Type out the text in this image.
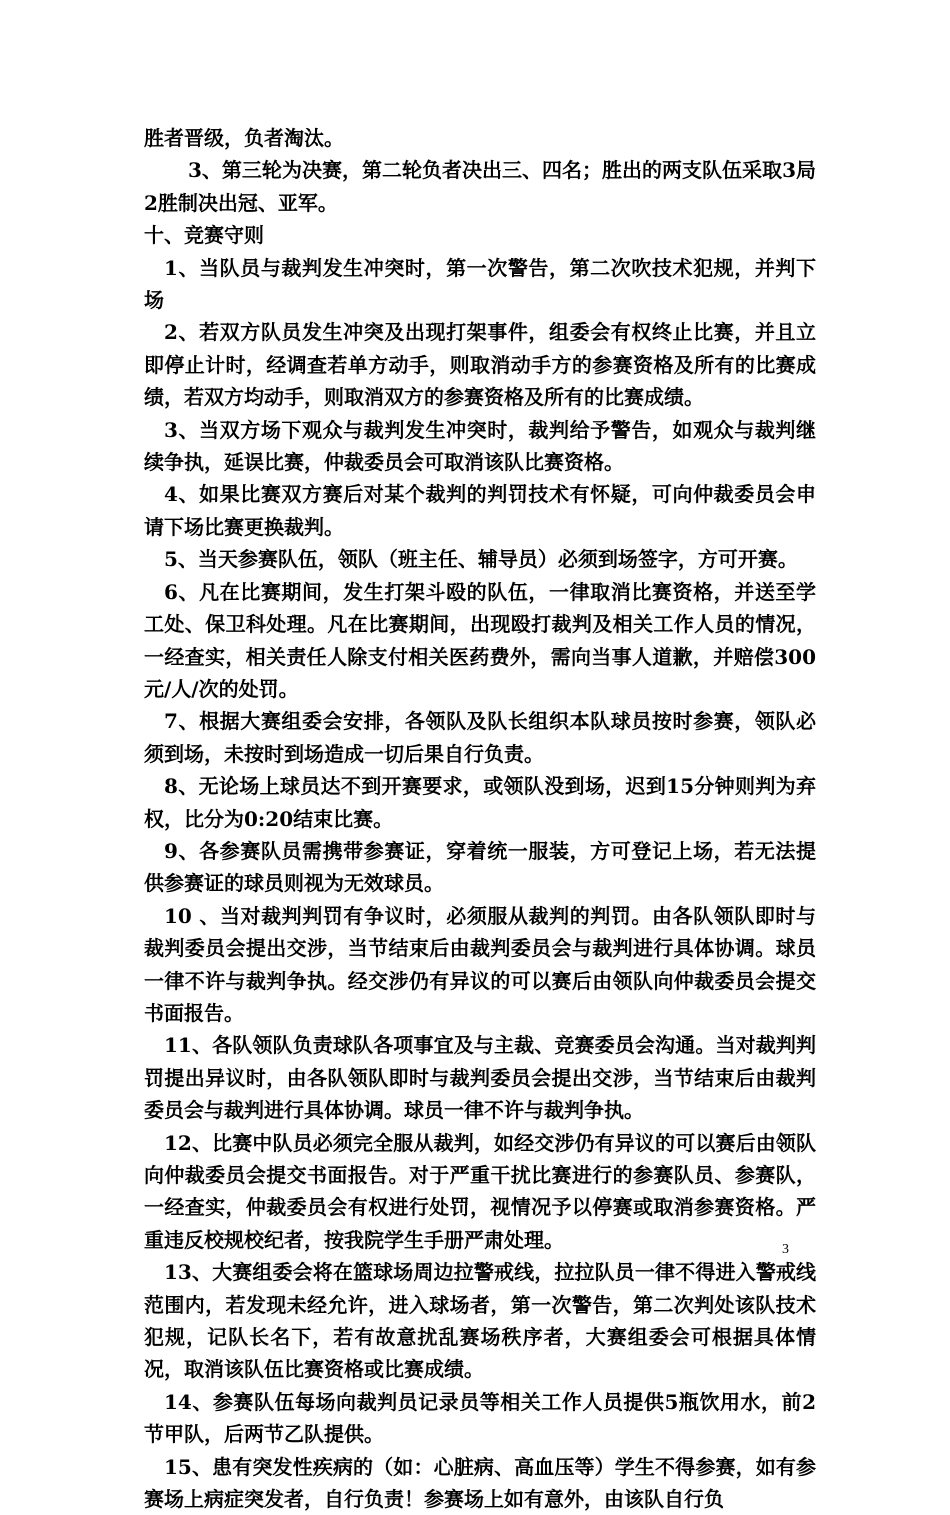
胜者晋级，负者淘汰。

3、第三轮为决赛，第二轮负者决出三、四名；胜出的两支队伍采取3局2胜制决出冠、亚军。

十、竞赛守则

1、当队员与裁判发生冲突时，第一次警告，第二次吹技术犯规，并判下场

2、若双方队员发生冲突及出现打架事件，组委会有权终止比赛，并且立即停止计时，经调查若单方动手，则取消动手方的参赛资格及所有的比赛成绩，若双方均动手，则取消双方的参赛资格及所有的比赛成绩。

3、当双方场下观众与裁判发生冲突时，裁判给予警告，如观众与裁判继续争执，延误比赛，仲裁委员会可取消该队比赛资格。

4、如果比赛双方赛后对某个裁判的判罚技术有怀疑，可向仲裁委员会申请下场比赛更换裁判。

5、当天参赛队伍，领队（班主任、辅导员）必须到场签字，方可开赛。

6、凡在比赛期间，发生打架斗殴的队伍，一律取消比赛资格，并送至学工处、保卫科处理。凡在比赛期间，出现殴打裁判及相关工作人员的情况，一经查实，相关责任人除支付相关医药费外，需向当事人道歉，并赔偿300元/人/次的处罚。

7、根据大赛组委会安排，各领队及队长组织本队球员按时参赛，领队必须到场，未按时到场造成一切后果自行负责。

8、无论场上球员达不到开赛要求，或领队没到场，迟到15分钟则判为弃权，比分为0:20结束比赛。

9、各参赛队员需携带参赛证，穿着统一服装，方可登记上场，若无法提供参赛证的球员则视为无效球员。

10 、当对裁判判罚有争议时，必须服从裁判的判罚。由各队领队即时与裁判委员会提出交涉，当节结束后由裁判委员会与裁判进行具体协调。球员一律不许与裁判争执。经交涉仍有异议的可以赛后由领队向仲裁委员会提交书面报告。

11、各队领队负责球队各项事宜及与主裁、竞赛委员会沟通。当对裁判判罚提出异议时，由各队领队即时与裁判委员会提出交涉，当节结束后由裁判委员会与裁判进行具体协调。球员一律不许与裁判争执。

12、比赛中队员必须完全服从裁判，如经交涉仍有异议的可以赛后由领队向仲裁委员会提交书面报告。对于严重干扰比赛进行的参赛队员、参赛队，一经查实，仲裁委员会有权进行处罚，视情况予以停赛或取消参赛资格。严重违反校规校纪者，按我院学生手册严肃处理。

13、大赛组委会将在篮球场周边拉警戒线，拉拉队员一律不得进入警戒线范围内，若发现未经允许，进入球场者，第一次警告，第二次判处该队技术犯规，记队长名下，若有故意扰乱赛场秩序者，大赛组委会可根据具体情况，取消该队伍比赛资格或比赛成绩。

14、参赛队伍每场向裁判员记录员等相关工作人员提供5瓶饮用水，前2节甲队，后两节乙队提供。

15、患有突发性疾病的（如：心脏病、高血压等）学生不得参赛，如有参赛场上病症突发者，自行负责！参赛场上如有意外，由该队自行负

3
